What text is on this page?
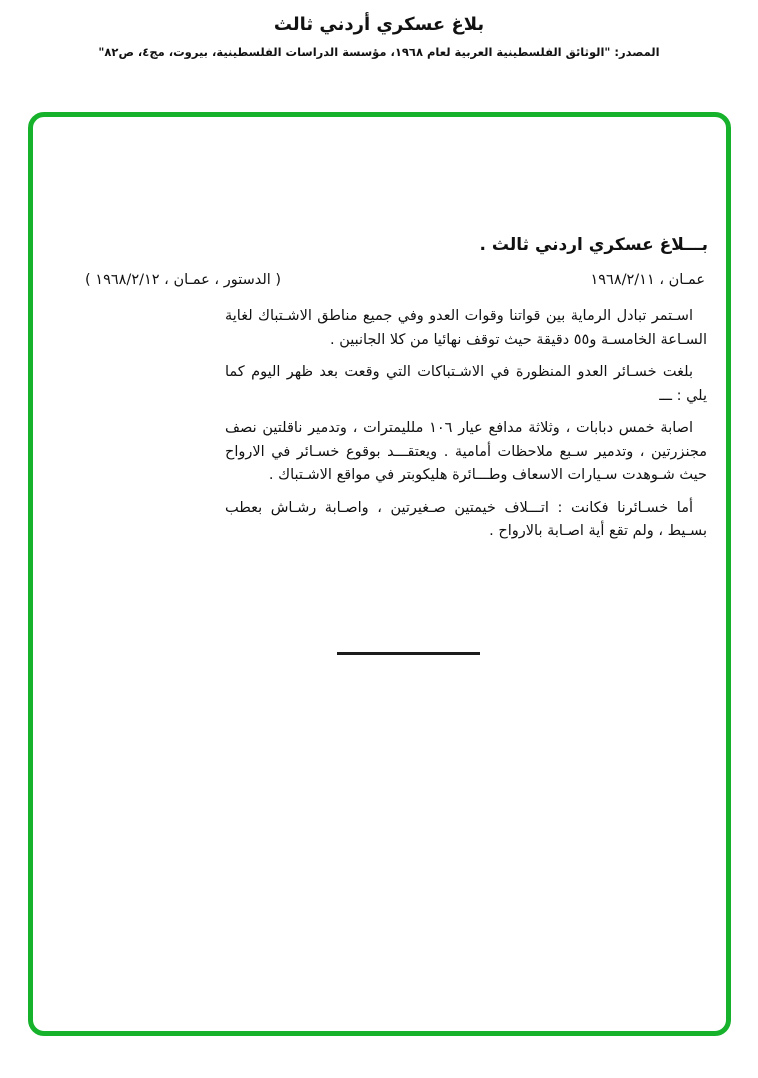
بلاغ عسكري أردني ثالث

المصدر: "الوثائق الفلسطينية العربية لعام ١٩٦٨، مؤسسة الدراسات الفلسطينية، بيروت، مج٤، ص٨٢"

بـــلاغ عسكري اردني ثالث .
عمـان ، ١٩٦٨/٢/١١
( الدستور ، عمـان ، ١٩٦٨/٢/١٢ )

اسـتمر تبادل الرماية بين قواتنا وقوات العدو وفي جميع مناطق الاشـتباك لغاية السـاعة الخامسـة و٥٥ دقيقة حيث توقف نهائيا من كلا الجانبين .

بلغت خسـائر العدو المنظورة في الاشـتباكات التي وقعت بعد ظهر اليوم كما يلي : ـــ

اصابة خمس دبابات ، وثلاثة مدافع عيار ١٠٦ ملليمترات ، وتدمير ناقلتين نصف مجنزرتين ، وتدمير سـبع ملاحظات أمامية . ويعتقـــد بوقوع خسـائر في الارواح حيث شـوهدت سـيارات الاسعاف وطـــائرة هليكوبتر في مواقع الاشـتباك .

أما خسـائرنا فكانت : اتـــلاف خيمتين صـغيرتين ، واصـابة رشـاش بعطب بسـيط ، ولم تقع أية اصـابة بالارواح .
